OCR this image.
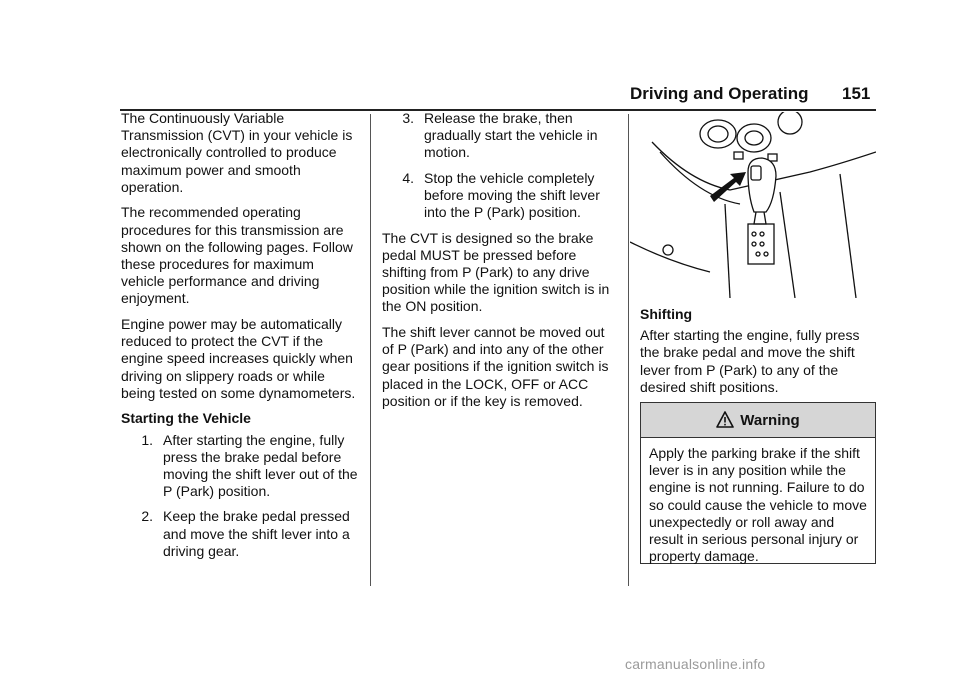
Driving and Operating 151

The Continuously Variable Transmission (CVT) in your vehicle is electronically controlled to produce maximum power and smooth operation.

The recommended operating procedures for this transmission are shown on the following pages. Follow these procedures for maximum vehicle performance and driving enjoyment.

Engine power may be automatically reduced to protect the CVT if the engine speed increases quickly when driving on slippery roads or while being tested on some dynamometers.

Starting the Vehicle

1. After starting the engine, fully press the brake pedal before moving the shift lever out of the P (Park) position.
2. Keep the brake pedal pressed and move the shift lever into a driving gear.
3. Release the brake, then gradually start the vehicle in motion.
4. Stop the vehicle completely before moving the shift lever into the P (Park) position.

The CVT is designed so the brake pedal MUST be pressed before shifting from P (Park) to any drive position while the ignition switch is in the ON position.

The shift lever cannot be moved out of P (Park) and into any of the other gear positions if the ignition switch is placed in the LOCK, OFF or ACC position or if the key is removed.

Shifting

After starting the engine, fully press the brake pedal and move the shift lever from P (Park) to any of the desired shift positions.

Warning
Apply the parking brake if the shift lever is in any position while the engine is not running. Failure to do so could cause the vehicle to move unexpectedly or roll away and result in serious personal injury or property damage.
carmanualsonline.info
